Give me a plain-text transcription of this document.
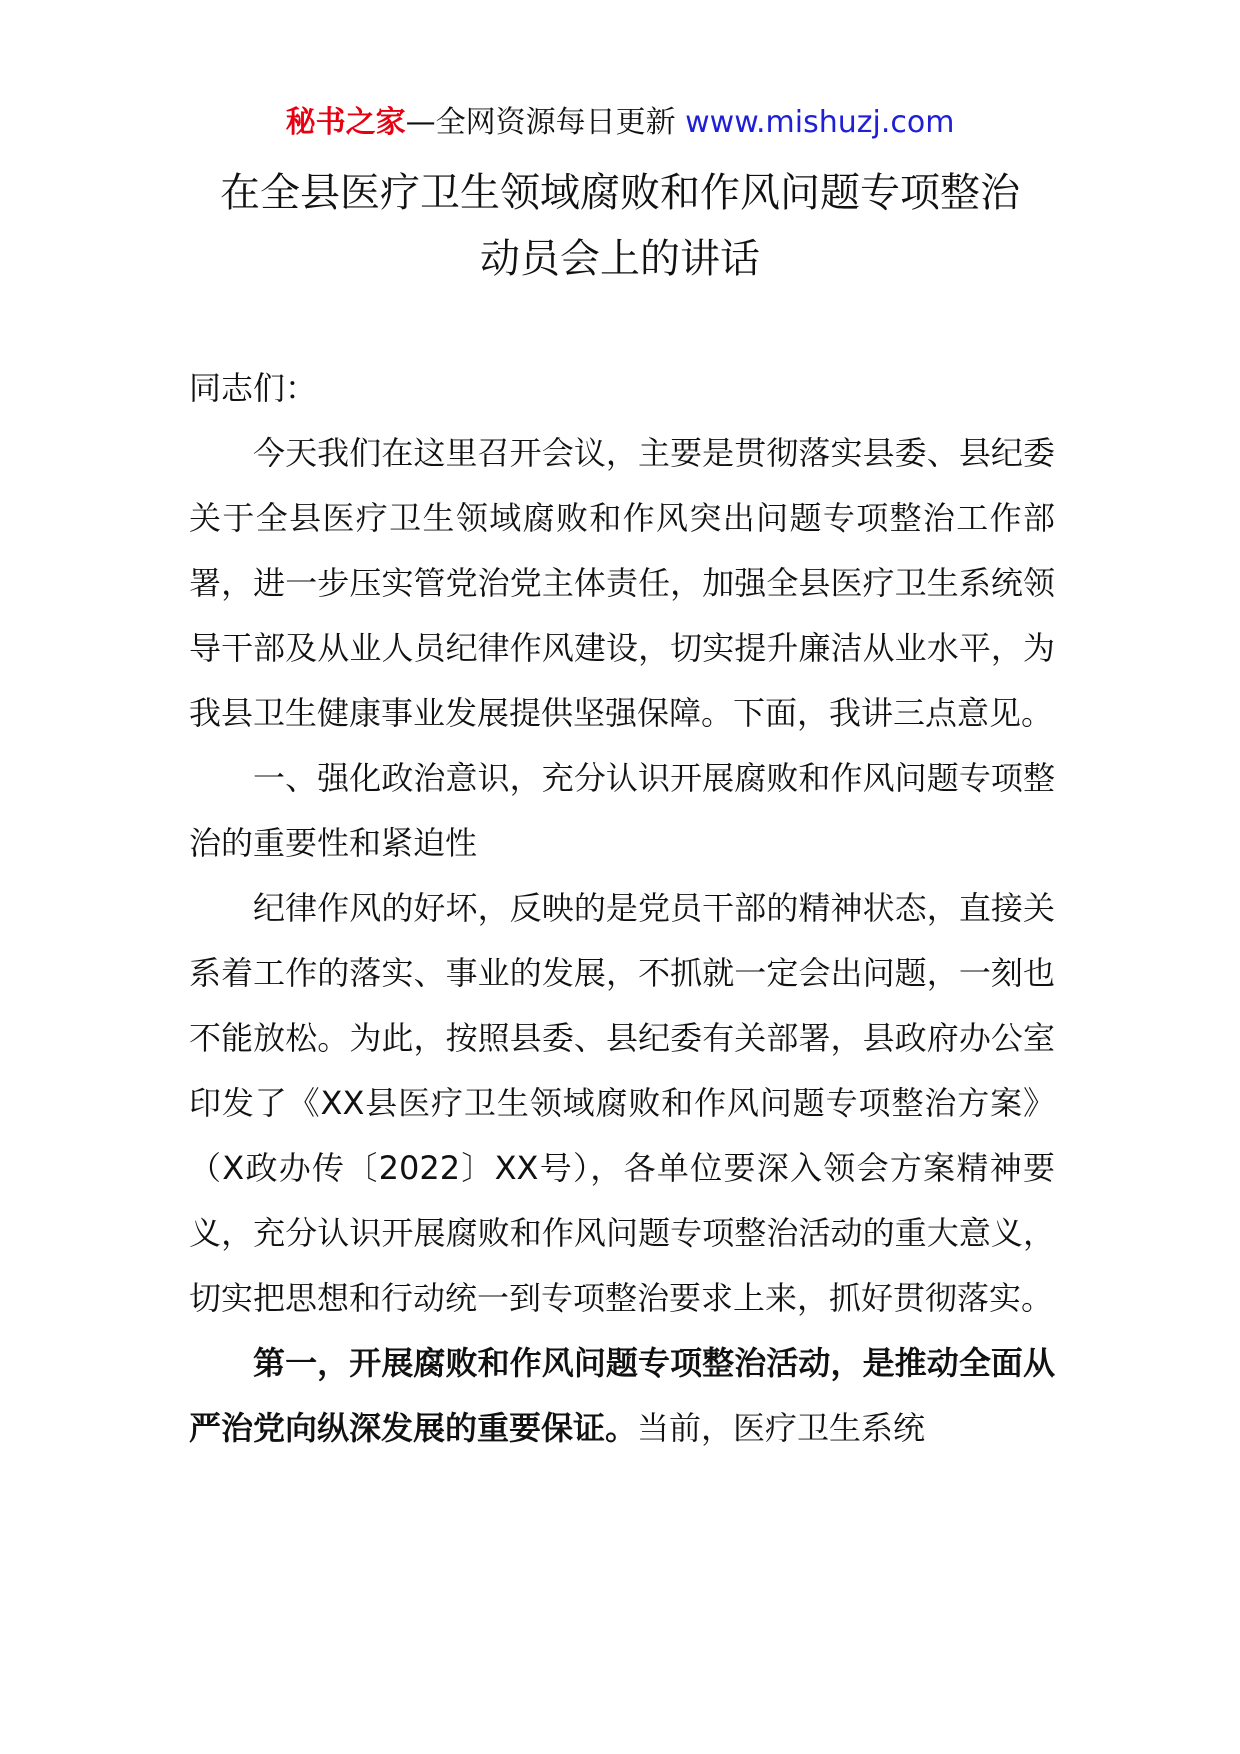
秘书之家—全网资源每日更新 www.mishuzj.com
在全县医疗卫生领域腐败和作风问题专项整治
动员会上的讲话

同志们：

今天我们在这里召开会议，主要是贯彻落实县委、县纪委关于全县医疗卫生领域腐败和作风突出问题专项整治工作部署，进一步压实管党治党主体责任，加强全县医疗卫生系统领导干部及从业人员纪律作风建设，切实提升廉洁从业水平，为我县卫生健康事业发展提供坚强保障。下面，我讲三点意见。

一、强化政治意识，充分认识开展腐败和作风问题专项整治的重要性和紧迫性

纪律作风的好坏，反映的是党员干部的精神状态，直接关系着工作的落实、事业的发展，不抓就一定会出问题，一刻也不能放松。为此，按照县委、县纪委有关部署，县政府办公室印发了《XX县医疗卫生领域腐败和作风问题专项整治方案》（X政办传〔2022〕XX号），各单位要深入领会方案精神要义，充分认识开展腐败和作风问题专项整治活动的重大意义，切实把思想和行动统一到专项整治要求上来，抓好贯彻落实。

第一，开展腐败和作风问题专项整治活动，是推动全面从严治党向纵深发展的重要保证。当前，医疗卫生系统
